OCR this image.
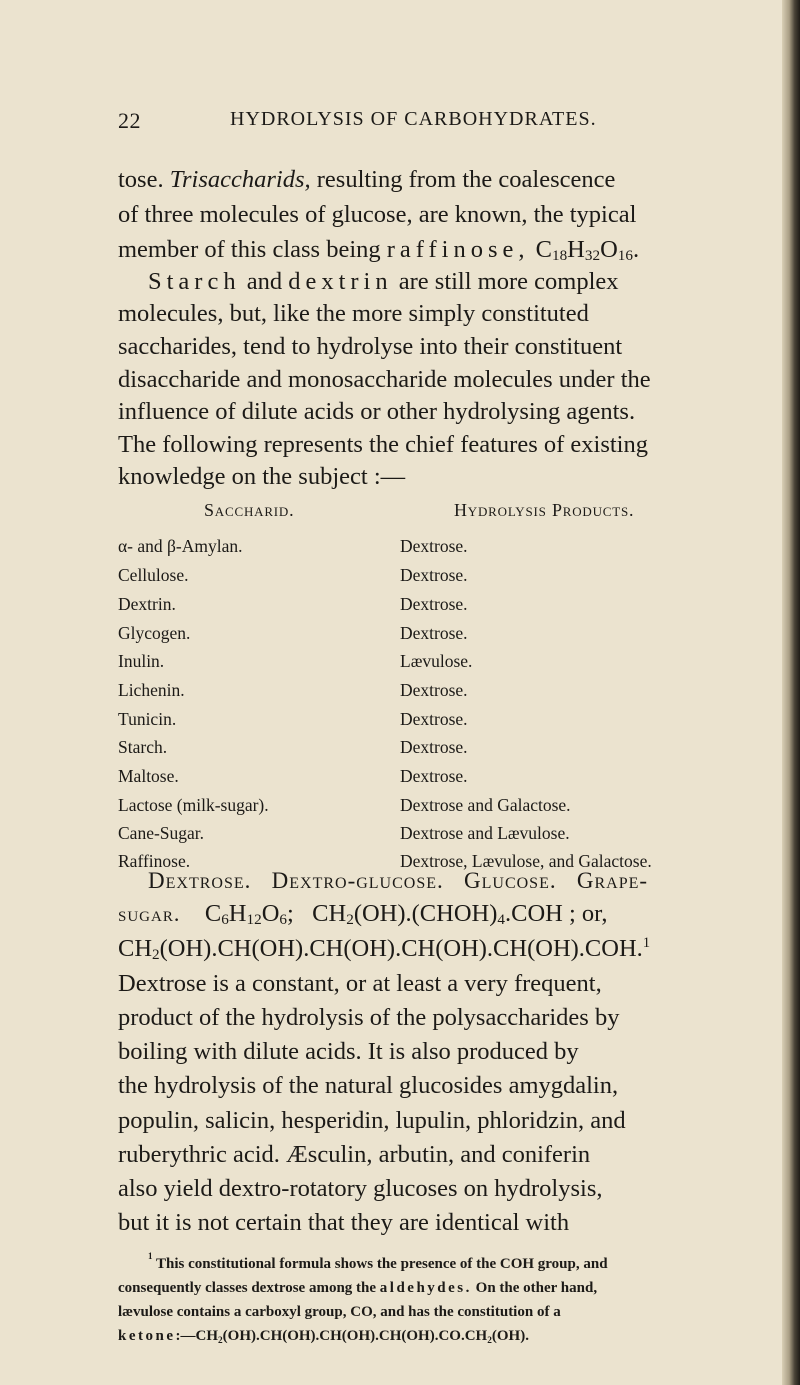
22	HYDROLYSIS OF CARBOHYDRATES.
tose. Trisaccharids, resulting from the coalescence
of three molecules of glucose, are known, the typical
member of this class being raffinose, $C_{18}H_{32}O_{16}$.
Starch and dextrin are still more complex
molecules, but, like the more simply constituted
saccharides, tend to hydrolyse into their constituent
disaccharide and monosaccharide molecules under the
influence of dilute acids or other hydrolysing agents.
The following represents the chief features of existing
knowledge on the subject :—
Saccharid.	Hydrolysis Products.
α- and β-Amylan.	Dextrose.
Cellulose.	Dextrose.
Dextrin.	Dextrose.
Glycogen.	Dextrose.
Inulin.	Lævulose.
Lichenin.	Dextrose.
Tunicin.	Dextrose.
Starch.	Dextrose.
Maltose.	Dextrose.
Lactose (milk-sugar).	Dextrose and Galactose.
Cane-Sugar.	Dextrose and Lævulose.
Raffinose.	Dextrose, Lævulose, and Galactose.
Dextrose. Dextro-glucose. Glucose. Grape-
sugar. $C_6H_{12}O_6$;   $CH_2(OH).(CHOH)_4.COH$ ; or,
$CH_2(OH).CH(OH).CH(OH).CH(OH).CH(OH).COH.^1$
Dextrose is a constant, or at least a very frequent,
product of the hydrolysis of the polysaccharides by
boiling with dilute acids. It is also produced by
the hydrolysis of the natural glucosides amygdalin,
populin, salicin, hesperidin, lupulin, phloridzin, and
ruberythric acid. Æsculin, arbutin, and coniferin
also yield dextro-rotatory glucoses on hydrolysis,
but it is not certain that they are identical with
$^1$ This constitutional formula shows the presence of the COH group, and
consequently classes dextrose among the aldehydes. On the other hand,
lævulose contains a carboxyl group, CO, and has the constitution of a
$ketone:—CH_2(OH).CH(OH).CH(OH).CH(OH).CO.CH_2(OH)$.
